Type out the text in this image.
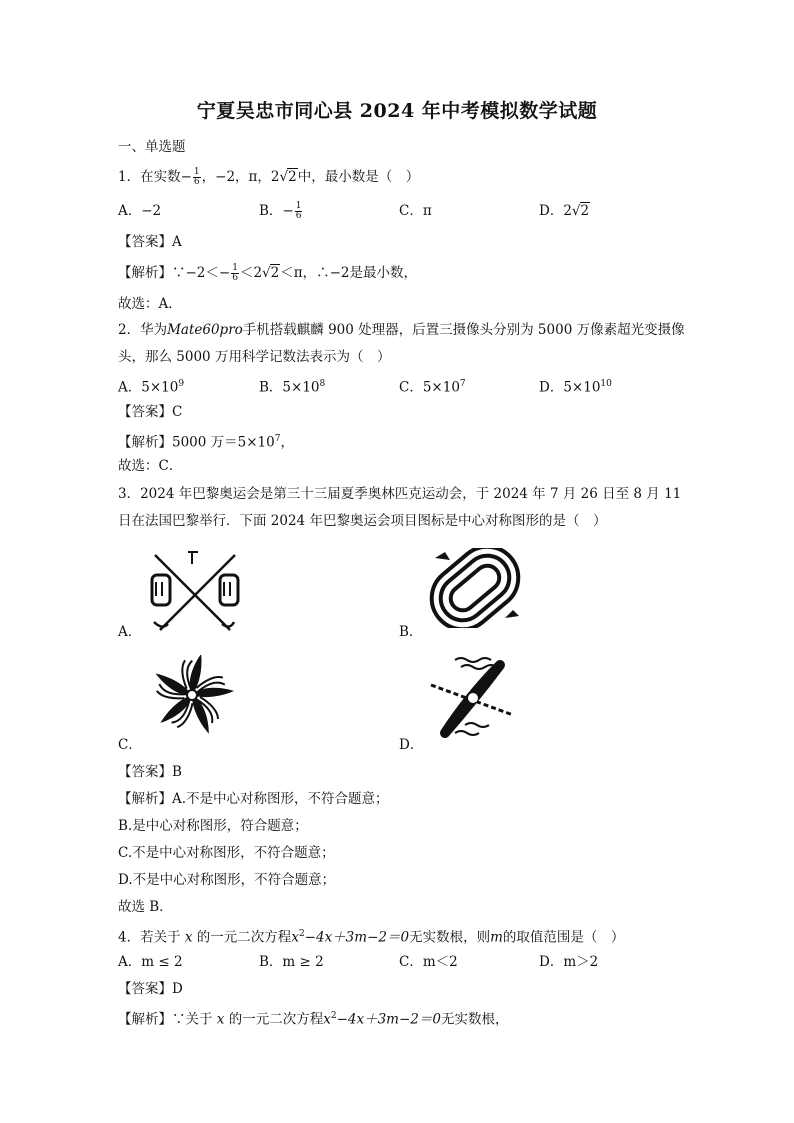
宁夏吴忠市同心县 2024 年中考模拟数学试题
一、单选题
1．在实数− $\frac{1}{6}$ ，−2，π，2√2中，最小数是（　）
A．−2	B．− $\frac{1}{6}$	C．π	D．2√2
【答案】A
【解析】∵−2＜− $\frac{1}{6} <2√2<\pi$，∴−2是最小数，
故选：A．
2．华为Mate60pro手机搭载麒麟 900 处理器，后置三摄像头分别为 5000 万像素超光变摄像
头，那么 5000 万用科学记数法表示为（　）
A．$5\times 10^9$	B．$5\times 10^8$	C．$5\times 10^7$	D．$5\times 10^{10}$
【答案】C
【解析】5000 万$=5\times 10^7$，
故选：C．
3．2024 年巴黎奥运会是第三十三届夏季奥林匹克运动会，于 2024 年 7 月 26 日至 8 月 11
日在法国巴黎举行．下面 2024 年巴黎奥运会项目图标是中心对称图形的是（　）
A．	B．
C．	D．
【答案】B
【解析】A.不是中心对称图形，不符合题意；
B.是中心对称图形，符合题意；
C.不是中心对称图形，不符合题意；
D.不是中心对称图形，不符合题意；
故选 B．
4．若关于 x 的一元二次方程$x^2-4x+3m-2=0$无实数根，则m的取值范围是（　）
A．m ≤ 2	B．m ≥ 2	C．m＜2	D．m＞2
【答案】D
【解析】∵关于 x 的一元二次方程$x^2-4x+3m-2=0$无实数根，
